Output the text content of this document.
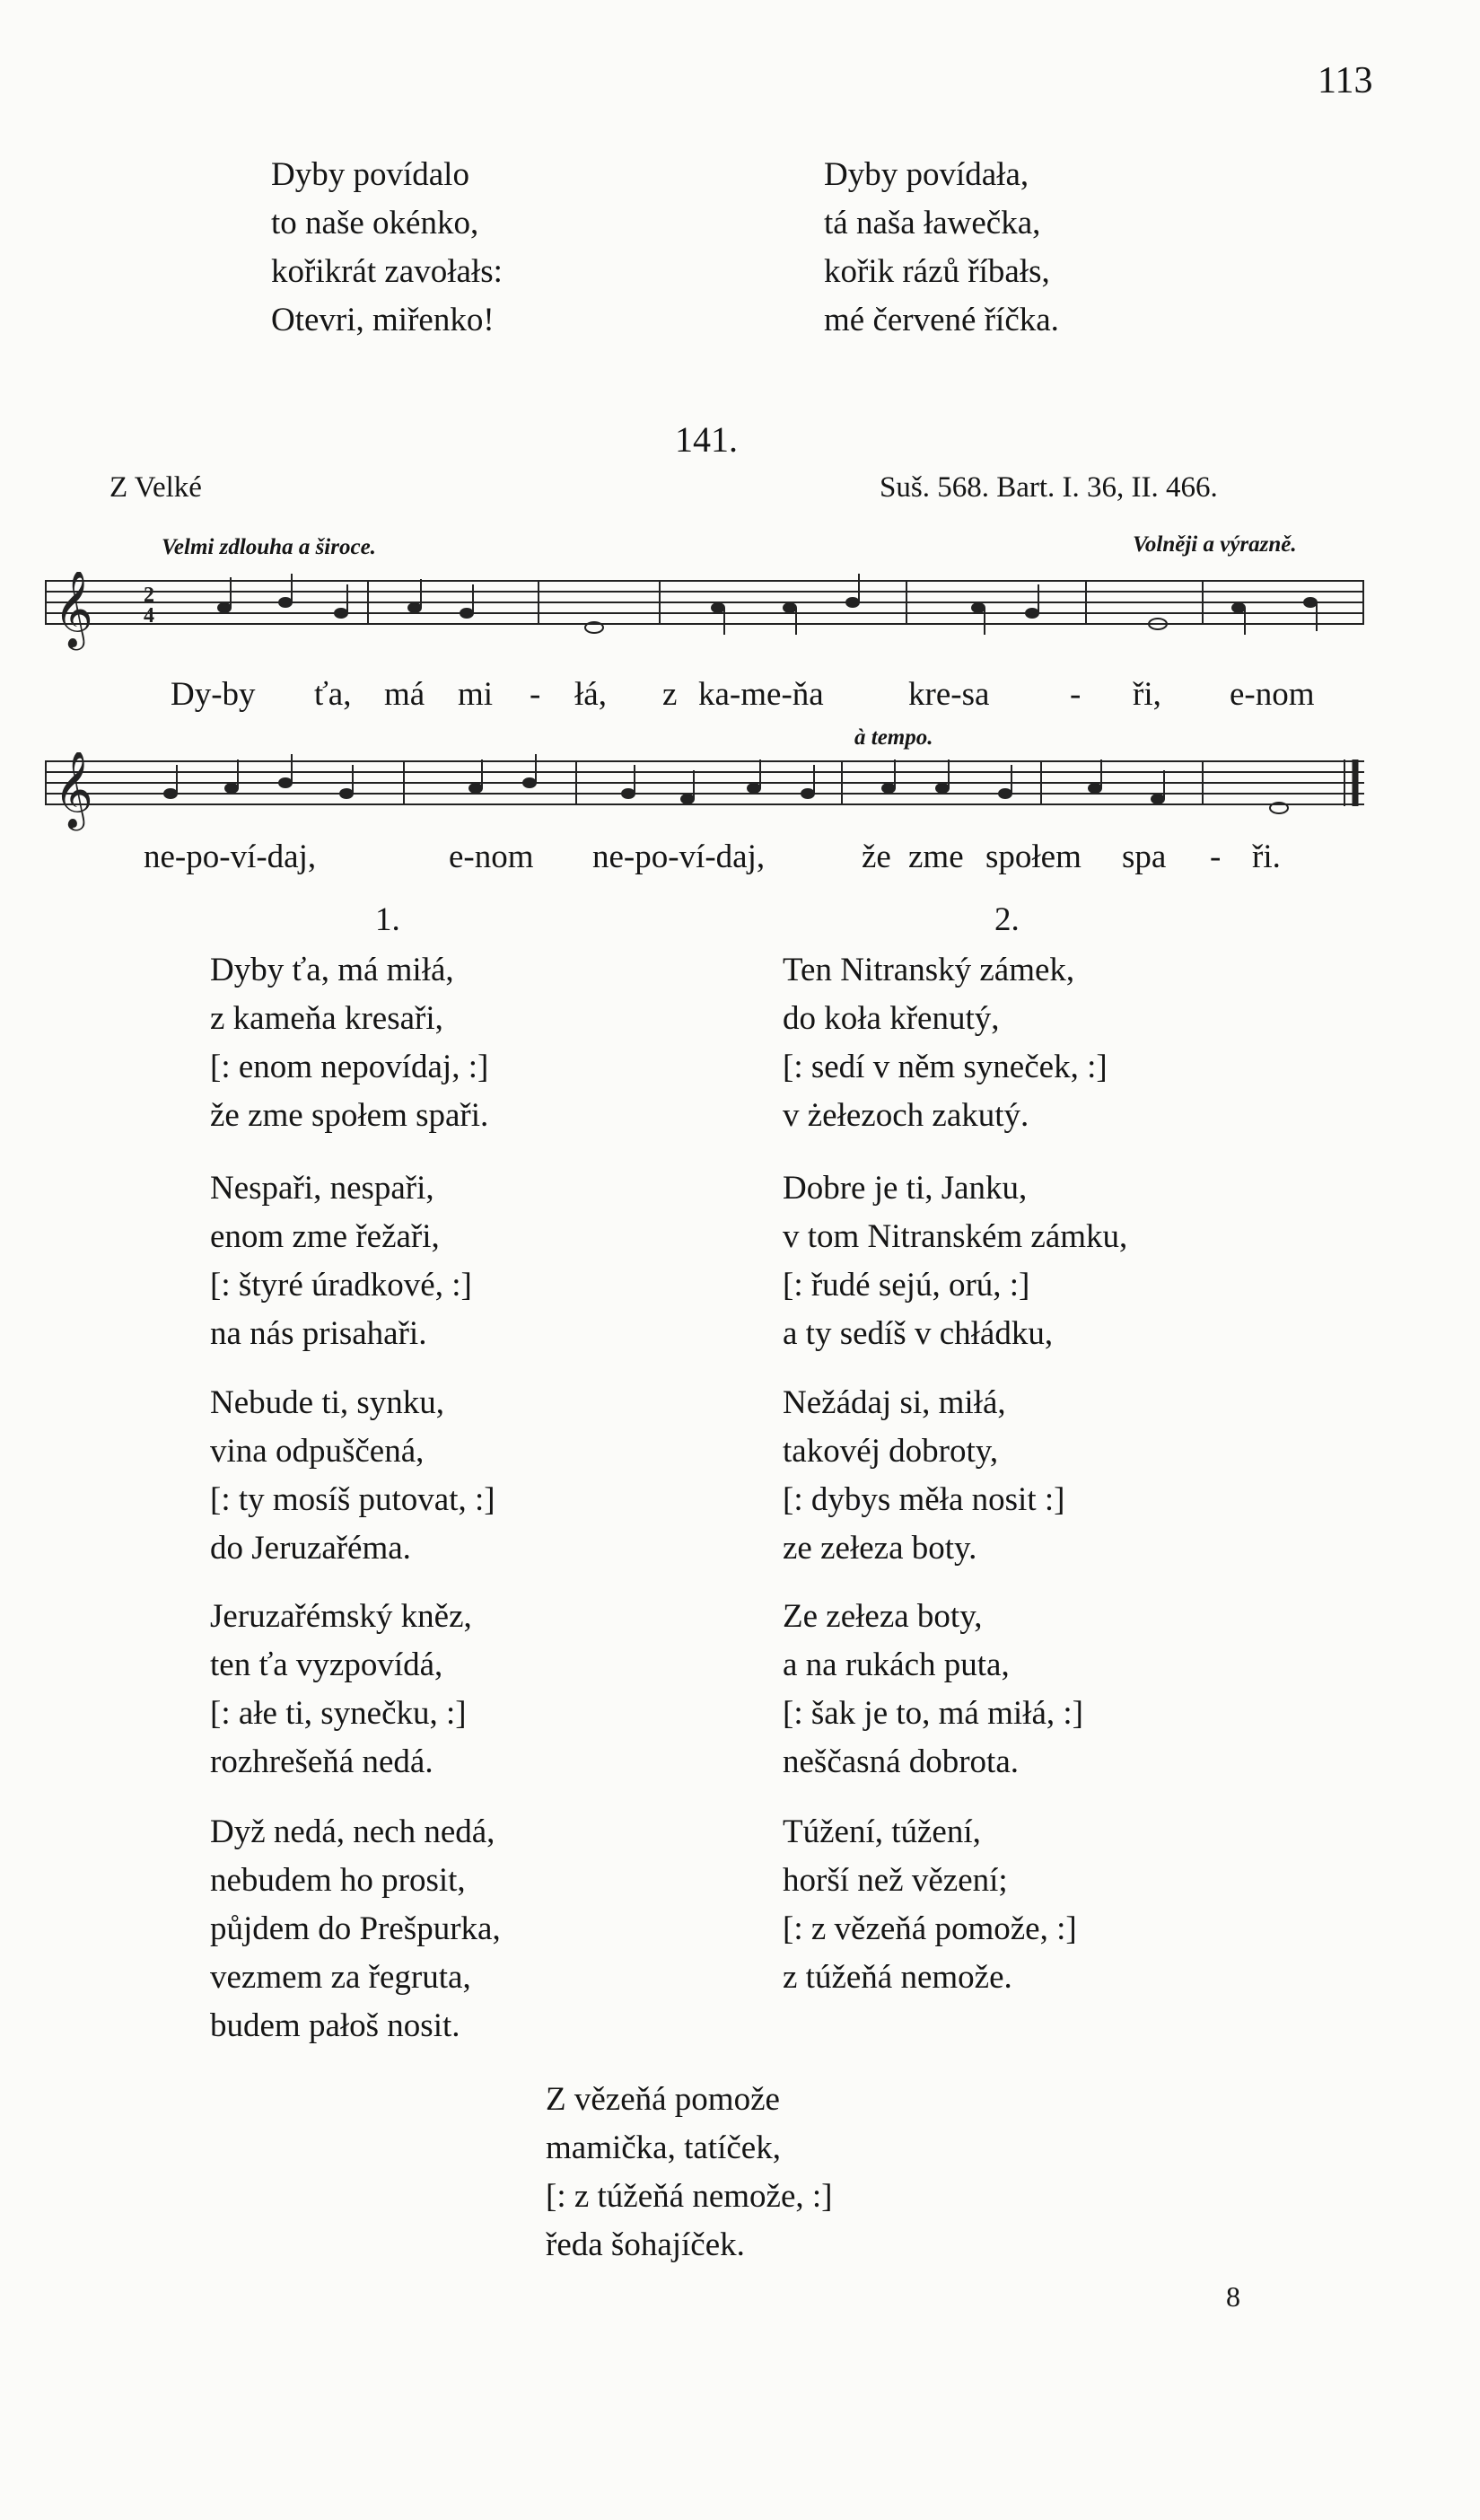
113
Dyby povídalo
to naše okénko,
kořikrát zavołałs:
Otevri, miřenko!
Dyby povídała,
tá naša ławečka,
kořik rázů říbałs,
mé červené říčka.
141.
Z Velké	Suš. 568. Bart. I. 36, II. 466.
Velmi zdlouha a široce.	Volněji a výrazně.
𝄞 2
4
Dy-by ťa, má mi - łá, z ka-me-ňa	kre-sa - ři, e-nom
à tempo.
𝄞
ne-po-ví-daj,	e-nom ne-po-ví-daj,	že zme społem spa - ři.
1.	2.
Dyby ťa, má miłá,
z kameňa kresaři,
[: enom nepovídaj, :]
že zme społem spaři.
Nespaři, nespaři,
enom zme řežaři,
[: štyré úradkové, :]
na nás prisahaři.
Nebude ti, synku,
vina odpuščená,
[: ty mosíš putovat, :]
do Jeruzařéma.
Jeruzařémský kněz,
ten ťa vyzpovídá,
[: ałe ti, synečku, :]
rozhrešeňá nedá.
Dyž nedá, nech nedá,
nebudem ho prosit,
půjdem do Prešpurka,
vezmem za řegruta,
budem pałoš nosit.
Ten Nitranský zámek,
do koła křenutý,
[: sedí v něm syneček, :]
v żełezoch zakutý.
Dobre je ti, Janku,
v tom Nitranském zámku,
[: řudé sejú, orú, :]
a ty sedíš v chłádku,
Nežádaj si, miłá,
takovéj dobroty,
[: dybys měła nosit :]
ze zełeza boty.
Ze zełeza boty,
a na rukách puta,
[: šak je to, má miłá, :]
neščasná dobrota.
Túžení, túžení,
horší než vězení;
[: z vězeňá pomože, :]
z túžeňá nemože.
Z vězeňá pomože
mamička, tatíček,
[: z túžeňá nemože, :]
ředa šohajíček.
8
